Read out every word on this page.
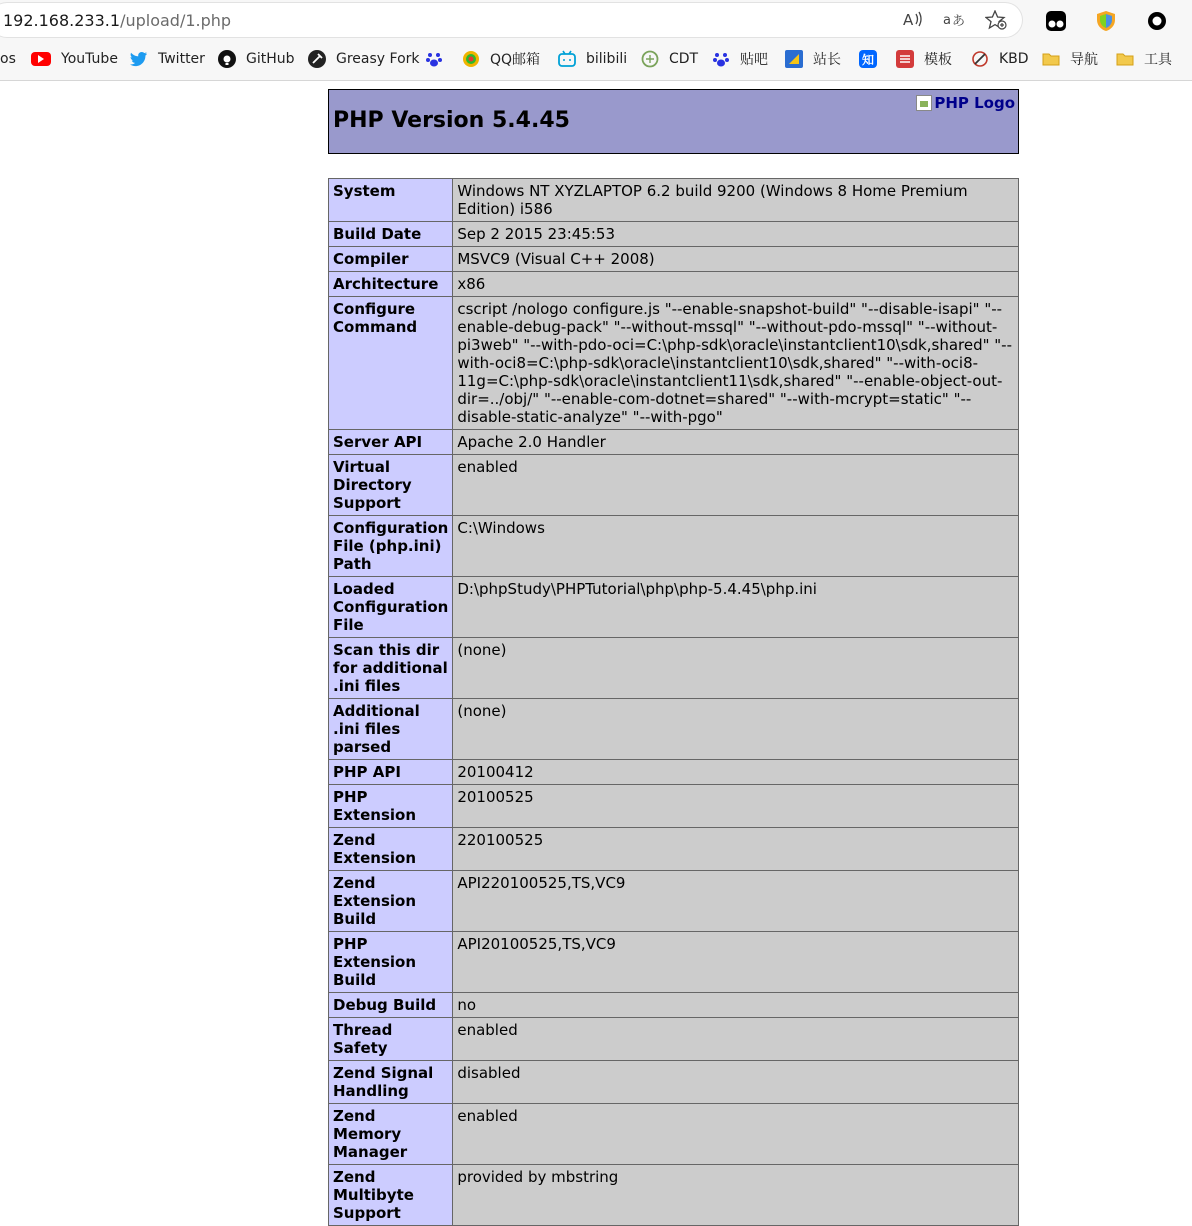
192.168.233.1/upload/1.php	A a あ
os	YouTube	Twitter	GitHub	Greasy Fork	QQ邮箱	bilibili	CDT	贴吧	站长 知	模板	KBD	导航	工具
PHP Version 5.4.45
PHP Logo
System	Windows NT XYZLAPTOP 6.2 build 9200 (Windows 8 Home Premium Edition) i586
Build Date	Sep 2 2015 23:45:53
Compiler	MSVC9 (Visual C++ 2008)
Architecture	x86
Configure Command	cscript /nologo configure.js "--enable-snapshot-build" "--disable-isapi" "--enable-debug-pack" "--without-mssql" "--without-pdo-mssql" "--without-pi3web" "--with-pdo-oci=C:\php-sdk\oracle\instantclient10\sdk,shared" "--with-oci8=C:\php-sdk\oracle\instantclient10\sdk,shared" "--with-oci8-11g=C:\php-sdk\oracle\instantclient11\sdk,shared" "--enable-object-out-dir=../obj/" "--enable-com-dotnet=shared" "--with-mcrypt=static" "--disable-static-analyze" "--with-pgo"
Server API	Apache 2.0 Handler
Virtual Directory Support	enabled
Configuration File (php.ini) Path	C:\Windows
Loaded Configuration File	D:\phpStudy\PHPTutorial\php\php-5.4.45\php.ini
Scan this dir for additional .ini files	(none)
Additional .ini files parsed	(none)
PHP API	20100412
PHP Extension	20100525
Zend Extension	220100525
Zend Extension Build	API220100525,TS,VC9
PHP Extension Build	API20100525,TS,VC9
Debug Build	no
Thread Safety	enabled
Zend Signal Handling	disabled
Zend Memory Manager	enabled
Zend Multibyte Support	provided by mbstring
